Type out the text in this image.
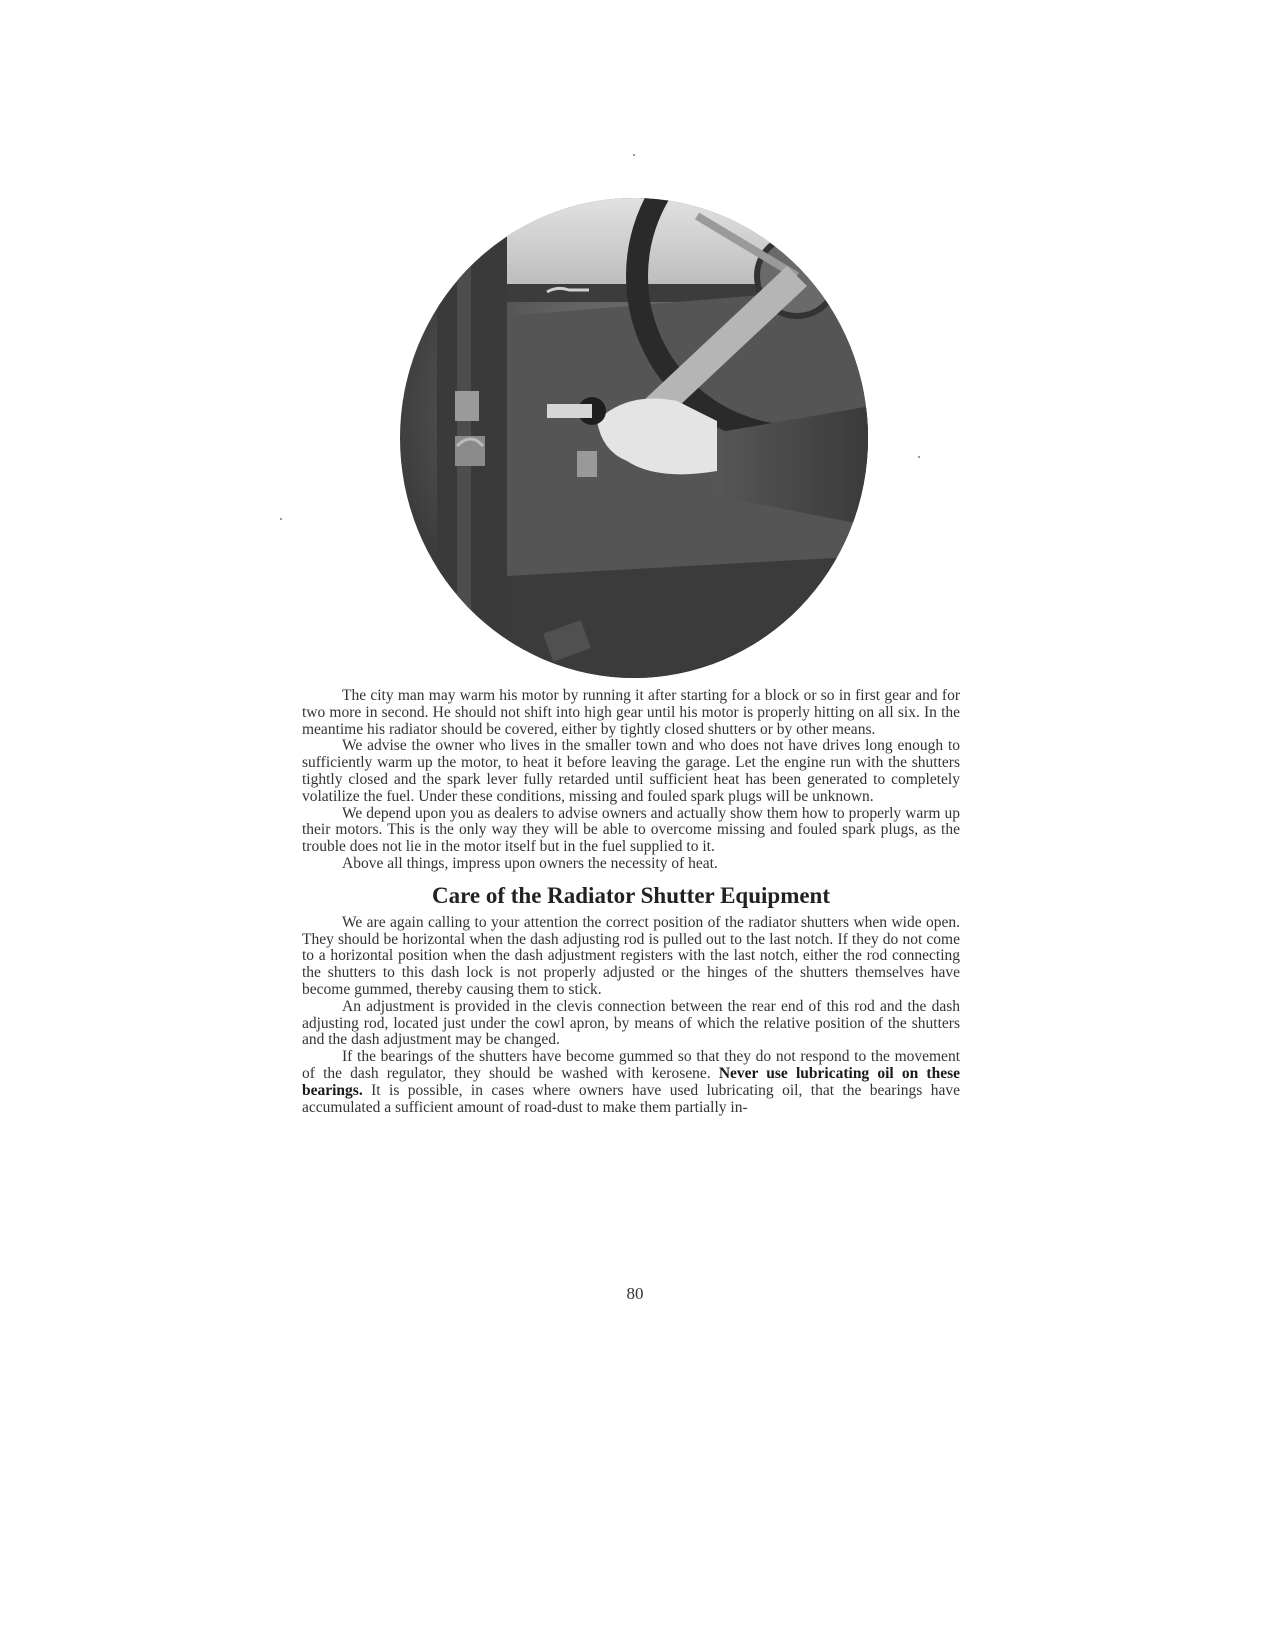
The city man may warm his motor by running it after starting for a block or so in first gear and for two more in second. He should not shift into high gear until his motor is properly hitting on all six. In the meantime his radiator should be covered, either by tightly closed shutters or by other means.

We advise the owner who lives in the smaller town and who does not have drives long enough to sufficiently warm up the motor, to heat it before leaving the garage. Let the engine run with the shutters tightly closed and the spark lever fully retarded until sufficient heat has been generated to completely volatilize the fuel. Under these conditions, missing and fouled spark plugs will be unknown.

We depend upon you as dealers to advise owners and actually show them how to properly warm up their motors. This is the only way they will be able to overcome missing and fouled spark plugs, as the trouble does not lie in the motor itself but in the fuel supplied to it.

Above all things, impress upon owners the necessity of heat.

Care of the Radiator Shutter Equipment

We are again calling to your attention the correct position of the radiator shutters when wide open. They should be horizontal when the dash adjusting rod is pulled out to the last notch. If they do not come to a horizontal position when the dash adjustment registers with the last notch, either the rod connecting the shutters to this dash lock is not properly adjusted or the hinges of the shutters themselves have become gummed, thereby causing them to stick.

An adjustment is provided in the clevis connection between the rear end of this rod and the dash adjusting rod, located just under the cowl apron, by means of which the relative position of the shutters and the dash adjustment may be changed.

If the bearings of the shutters have become gummed so that they do not respond to the movement of the dash regulator, they should be washed with kerosene. Never use lubricating oil on these bearings. It is possible, in cases where owners have used lubricating oil, that the bearings have accumulated a sufficient amount of road-dust to make them partially in-

80
